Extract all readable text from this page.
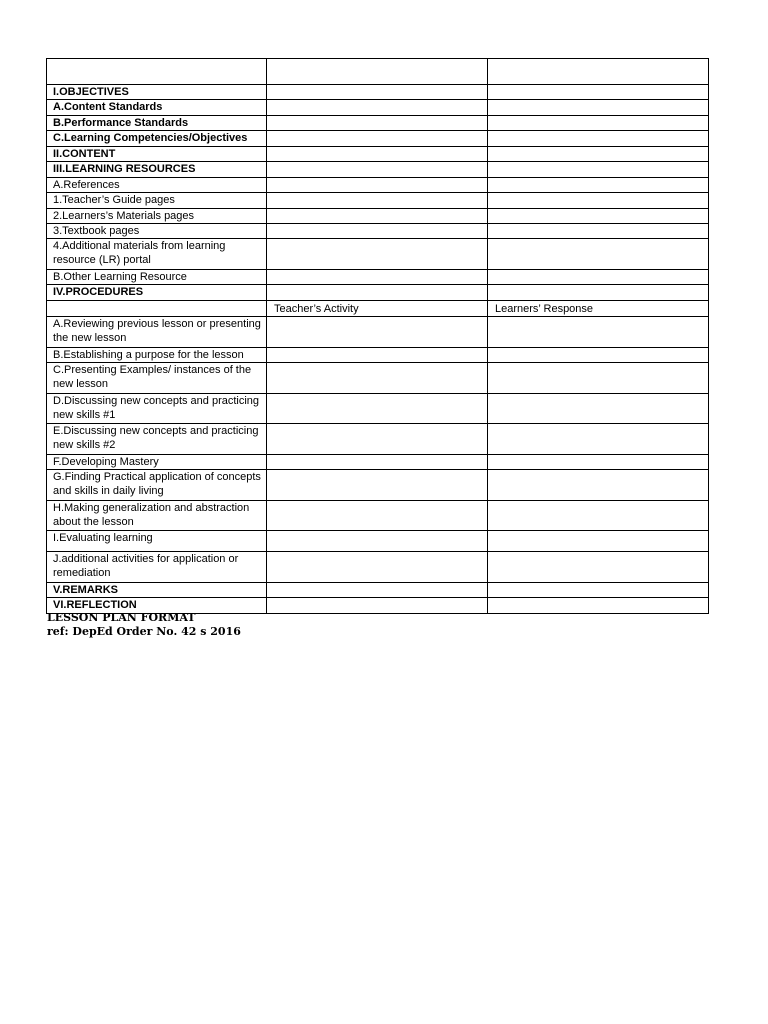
I.OBJECTIVES		
A.Content Standards		
B.Performance Standards		
C.Learning Competencies/Objectives		
II.CONTENT		
III.LEARNING RESOURCES		
A.References		
1.Teacher’s Guide pages		
2.Learners’s Materials pages		
3.Textbook pages		
4.Additional materials from learning resource (LR) portal		
B.Other Learning Resource		
IV.PROCEDURES		
	Teacher’s Activity	Learners’ Response
A.Reviewing previous lesson or presenting the new lesson		
B.Establishing a purpose for the lesson		
C.Presenting Examples/ instances of the new lesson		
D.Discussing new concepts and practicing new skills #1		
E.Discussing new concepts and practicing new skills #2		
F.Developing Mastery		
G.Finding Practical application of concepts and skills in daily living		
H.Making generalization and abstraction about the lesson		
I.Evaluating learning		
J.additional activities for application or remediation		
V.REMARKS		
VI.REFLECTION		
LESSON PLAN FORMAT
ref: DepEd Order No. 42 s 2016
